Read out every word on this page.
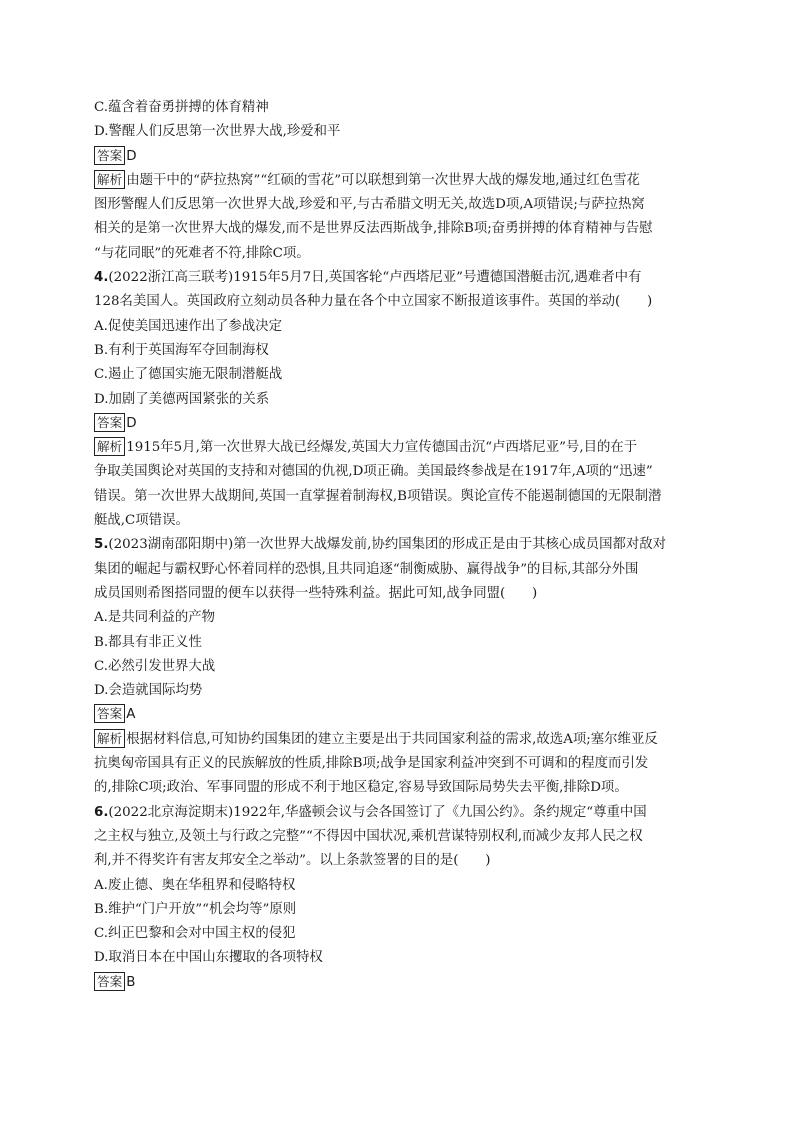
C.蕴含着奋勇拼搏的体育精神
D.警醒人们反思第一次世界大战,珍爱和平
答案 D
解析 由题干中的“萨拉热窝”“红硕的雪花”可以联想到第一次世界大战的爆发地,通过红色雪花
图形警醒人们反思第一次世界大战,珍爱和平,与古希腊文明无关,故选D项,A项错误;与萨拉热窝
相关的是第一次世界大战的爆发,而不是世界反法西斯战争,排除B项;奋勇拼搏的体育精神与告慰
“与花同眠”的死难者不符,排除C项。
4.(2022浙江高三联考)1915年5月7日,英国客轮“卢西塔尼亚”号遭德国潜艇击沉,遇难者中有
128名美国人。英国政府立刻动员各种力量在各个中立国家不断报道该事件。英国的举动(　　)
A.促使美国迅速作出了参战决定
B.有利于英国海军夺回制海权
C.遏止了德国实施无限制潜艇战
D.加剧了美德两国紧张的关系
答案 D
解析 1915年5月,第一次世界大战已经爆发,英国大力宣传德国击沉“卢西塔尼亚”号,目的在于
争取美国舆论对英国的支持和对德国的仇视,D项正确。美国最终参战是在1917年,A项的“迅速”
错误。第一次世界大战期间,英国一直掌握着制海权,B项错误。舆论宣传不能遏制德国的无限制潜
艇战,C项错误。
5.(2023湖南邵阳期中)第一次世界大战爆发前,协约国集团的形成正是由于其核心成员国都对敌对
集团的崛起与霸权野心怀着同样的恐惧,且共同追逐“制衡威胁、赢得战争”的目标,其部分外围
成员国则希图搭同盟的便车以获得一些特殊利益。据此可知,战争同盟(　　)
A.是共同利益的产物
B.都具有非正义性
C.必然引发世界大战
D.会造就国际均势
答案 A
解析 根据材料信息,可知协约国集团的建立主要是出于共同国家利益的需求,故选A项;塞尔维亚反
抗奥匈帝国具有正义的民族解放的性质,排除B项;战争是国家利益冲突到不可调和的程度而引发
的,排除C项;政治、军事同盟的形成不利于地区稳定,容易导致国际局势失去平衡,排除D项。
6.(2022北京海淀期末)1922年,华盛顿会议与会各国签订了《九国公约》。条约规定“尊重中国
之主权与独立,及领土与行政之完整”“不得因中国状况,乘机营谋特别权利,而减少友邦人民之权
利,并不得奖许有害友邦安全之举动”。以上条款签署的目的是(　　)
A.废止德、奥在华租界和侵略特权
B.维护“门户开放”“机会均等”原则
C.纠正巴黎和会对中国主权的侵犯
D.取消日本在中国山东攫取的各项特权
答案 B
